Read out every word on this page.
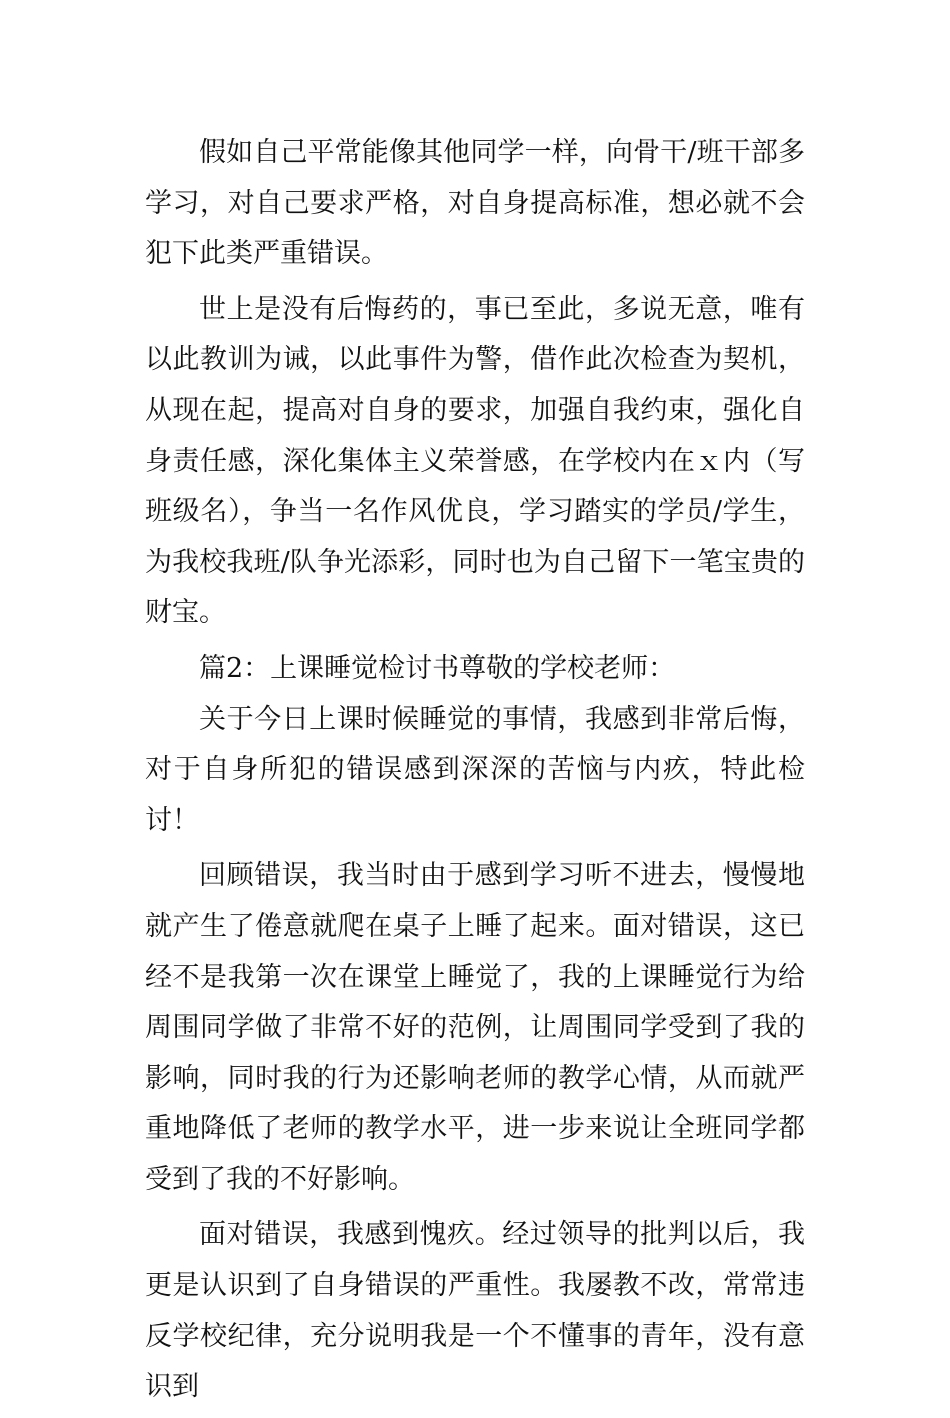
假如自己平常能像其他同学一样，向骨干/班干部多学习，对自己要求严格，对自身提高标准，想必就不会犯下此类严重错误。

世上是没有后悔药的，事已至此，多说无意，唯有以此教训为诫，以此事件为警，借作此次检查为契机，从现在起，提高对自身的要求，加强自我约束，强化自身责任感，深化集体主义荣誉感，在学校内在ｘ内（写班级名），争当一名作风优良，学习踏实的学员/学生，为我校我班/队争光添彩，同时也为自己留下一笔宝贵的财宝。

篇2：上课睡觉检讨书尊敬的学校老师：

关于今日上课时候睡觉的事情，我感到非常后悔，对于自身所犯的错误感到深深的苦恼与内疚，特此检讨！

回顾错误，我当时由于感到学习听不进去，慢慢地就产生了倦意就爬在桌子上睡了起来。面对错误，这已经不是我第一次在课堂上睡觉了，我的上课睡觉行为给周围同学做了非常不好的范例，让周围同学受到了我的影响，同时我的行为还影响老师的教学心情，从而就严重地降低了老师的教学水平，进一步来说让全班同学都受到了我的不好影响。

面对错误，我感到愧疚。经过领导的批判以后，我更是认识到了自身错误的严重性。我屡教不改，常常违反学校纪律，充分说明我是一个不懂事的青年，没有意识到
